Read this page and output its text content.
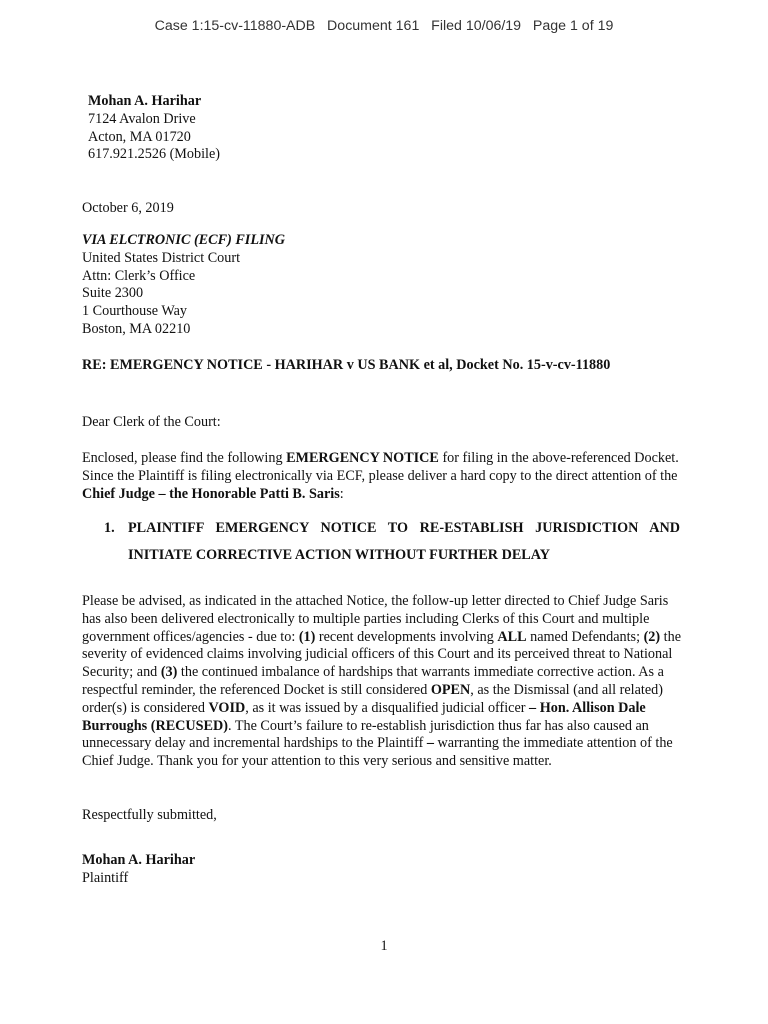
Case 1:15-cv-11880-ADB   Document 161   Filed 10/06/19   Page 1 of 19
Mohan A. Harihar
7124 Avalon Drive
Acton, MA 01720
617.921.2526 (Mobile)
October 6, 2019
VIA ELCTRONIC (ECF) FILING
United States District Court
Attn: Clerk’s Office
Suite 2300
1 Courthouse Way
Boston, MA 02210
RE: EMERGENCY NOTICE - HARIHAR v US BANK et al, Docket No. 15-v-cv-11880
Dear Clerk of the Court:

Enclosed, please find the following EMERGENCY NOTICE for filing in the above-referenced Docket. Since the Plaintiff is filing electronically via ECF, please deliver a hard copy to the direct attention of the Chief Judge – the Honorable Patti B. Saris:

1. PLAINTIFF EMERGENCY NOTICE TO RE-ESTABLISH JURISDICTION AND
INITIATE CORRECTIVE ACTION WITHOUT FURTHER DELAY

Please be advised, as indicated in the attached Notice, the follow-up letter directed to Chief Judge Saris has also been delivered electronically to multiple parties including Clerks of this Court and multiple government offices/agencies - due to: (1) recent developments involving ALL named Defendants; (2) the severity of evidenced claims involving judicial officers of this Court and its perceived threat to National Security; and (3) the continued imbalance of hardships that warrants immediate corrective action. As a respectful reminder, the referenced Docket is still considered OPEN, as the Dismissal (and all related) order(s) is considered VOID, as it was issued by a disqualified judicial officer – Hon. Allison Dale Burroughs (RECUSED). The Court’s failure to re-establish jurisdiction thus far has also caused an unnecessary delay and incremental hardships to the Plaintiff – warranting the immediate attention of the Chief Judge. Thank you for your attention to this very serious and sensitive matter.

Respectfully submitted,
Mohan A. Harihar
Plaintiff
1
